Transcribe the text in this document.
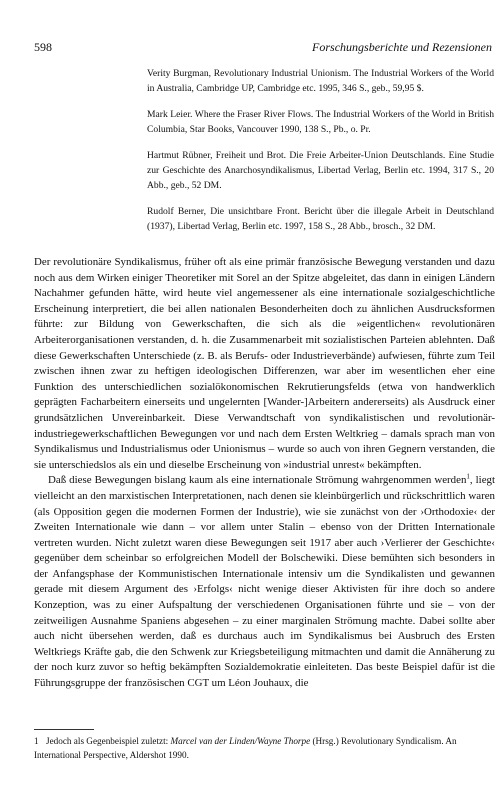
598	Forschungsberichte und Rezensionen

Verity Burgman, Revolutionary Industrial Unionism. The Industrial Workers of the World in Australia, Cambridge UP, Cambridge etc. 1995, 346 S., geb., 59,95 $.

Mark Leier. Where the Fraser River Flows. The Industrial Workers of the World in British Columbia, Star Books, Vancouver 1990, 138 S., Pb., o. Pr.

Hartmut Rübner, Freiheit und Brot. Die Freie Arbeiter-Union Deutschlands. Eine Studie zur Geschichte des Anarchosyndikalismus, Libertad Verlag, Berlin etc. 1994, 317 S., 20 Abb., geb., 52 DM.

Rudolf Berner, Die unsichtbare Front. Bericht über die illegale Arbeit in Deutschland (1937), Libertad Verlag, Berlin etc. 1997, 158 S., 28 Abb., brosch., 32 DM.

Der revolutionäre Syndikalismus, früher oft als eine primär französische Bewegung verstanden und dazu noch aus dem Wirken einiger Theoretiker mit Sorel an der Spitze abgeleitet, das dann in einigen Ländern Nachahmer gefunden hätte, wird heute viel angemessener als eine internationale sozialgeschichtliche Erscheinung interpretiert, die bei allen nationalen Besonderheiten doch zu ähnlichen Ausdrucksformen führte: zur Bildung von Gewerkschaften, die sich als die »eigentlichen« revolutionären Arbeiterorganisationen verstanden, d. h. die Zusammenarbeit mit sozialistischen Parteien ablehnten. Daß diese Gewerkschaften Unterschiede (z. B. als Berufs- oder Industrieverbände) aufwiesen, führte zum Teil zwischen ihnen zwar zu heftigen ideologischen Differenzen, war aber im wesentlichen eher eine Funktion des unterschiedlichen sozialökonomischen Rekrutierungsfelds (etwa von handwerklich geprägten Facharbeitern einerseits und ungelernten [Wander-]Arbeitern andererseits) als Ausdruck einer grundsätzlichen Unvereinbarkeit. Diese Verwandtschaft von syndikalistischen und revolutionär-industriegewerkschaftlichen Bewegungen vor und nach dem Ersten Weltkrieg – damals sprach man von Syndikalismus und Industrialismus oder Unionismus – wurde so auch von ihren Gegnern verstanden, die sie unterschiedslos als ein und dieselbe Erscheinung von »industrial unrest« bekämpften.

Daß diese Bewegungen bislang kaum als eine internationale Strömung wahrgenommen werden$^1$, liegt vielleicht an den marxistischen Interpretationen, nach denen sie kleinbürgerlich und rückschrittlich waren (als Opposition gegen die modernen Formen der Industrie), wie sie zunächst von der ›Orthodoxie‹ der Zweiten Internationale wie dann – vor allem unter Stalin – ebenso von der Dritten Internationale vertreten wurden. Nicht zuletzt waren diese Bewegungen seit 1917 aber auch ›Verlierer der Geschichte‹ gegenüber dem scheinbar so erfolgreichen Modell der Bolschewiki. Diese bemühten sich besonders in der Anfangsphase der Kommunistischen Internationale intensiv um die Syndikalisten und gewannen gerade mit diesem Argument des ›Erfolgs‹ nicht wenige dieser Aktivisten für ihre doch so andere Konzeption, was zu einer Aufspaltung der verschiedenen Organisationen führte und sie – von der zeitweiligen Ausnahme Spaniens abgesehen – zu einer marginalen Strömung machte. Dabei sollte aber auch nicht übersehen werden, daß es durchaus auch im Syndikalismus bei Ausbruch des Ersten Weltkriegs Kräfte gab, die den Schwenk zur Kriegsbeteiligung mitmachten und damit die Annäherung zu der noch kurz zuvor so heftig bekämpften Sozialdemokratie einleiteten. Das beste Beispiel dafür ist die Führungsgruppe der französischen CGT um Léon Jouhaux, die

1 Jedoch als Gegenbeispiel zuletzt: Marcel van der Linden/Wayne Thorpe (Hrsg.) Revolutionary Syndicalism. An International Perspective, Aldershot 1990.
